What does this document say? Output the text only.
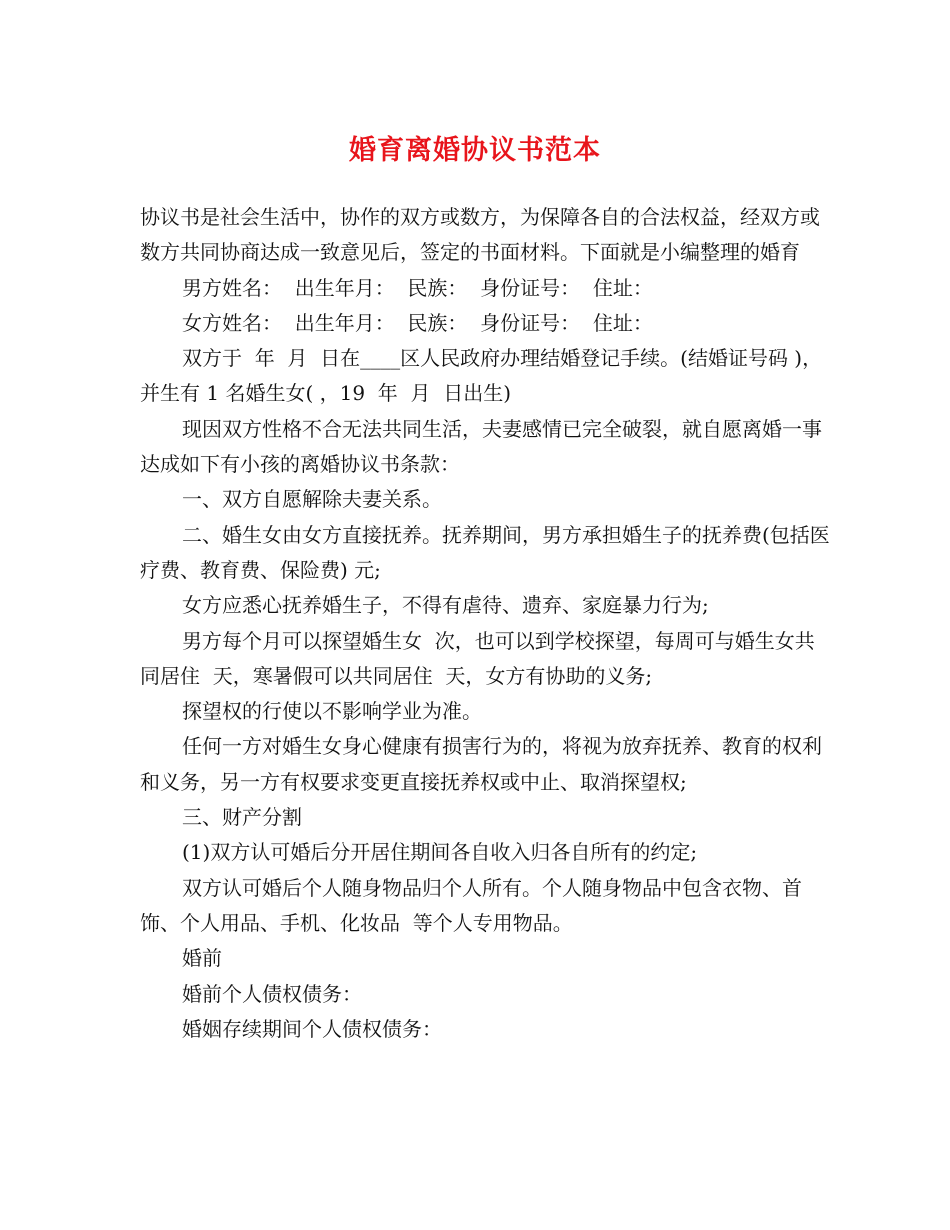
婚育离婚协议书范本

协议书是社会生活中，协作的双方或数方，为保障各自的合法权益，经双方或数方共同协商达成一致意见后，签定的书面材料。下面就是小编整理的婚育

男方姓名：  出生年月：  民族：  身份证号：  住址：

女方姓名：  出生年月：  民族：  身份证号：  住址：

双方于  年  月  日在____区人民政府办理结婚登记手续。(结婚证号码 )，并生有 1 名婚生女( ，19  年  月  日出生)

现因双方性格不合无法共同生活，夫妻感情已完全破裂，就自愿离婚一事达成如下有小孩的离婚协议书条款：

一、双方自愿解除夫妻关系。

二、婚生女由女方直接抚养。抚养期间，男方承担婚生子的抚养费(包括医疗费、教育费、保险费) 元;

女方应悉心抚养婚生子，不得有虐待、遗弃、家庭暴力行为;

男方每个月可以探望婚生女  次，也可以到学校探望，每周可与婚生女共同居住  天，寒暑假可以共同居住  天，女方有协助的义务;

探望权的行使以不影响学业为准。

任何一方对婚生女身心健康有损害行为的，将视为放弃抚养、教育的权利和义务，另一方有权要求变更直接抚养权或中止、取消探望权;

三、财产分割

(1)双方认可婚后分开居住期间各自收入归各自所有的约定;

双方认可婚后个人随身物品归个人所有。个人随身物品中包含衣物、首饰、个人用品、手机、化妆品  等个人专用物品。

婚前

婚前个人债权债务：

婚姻存续期间个人债权债务：
